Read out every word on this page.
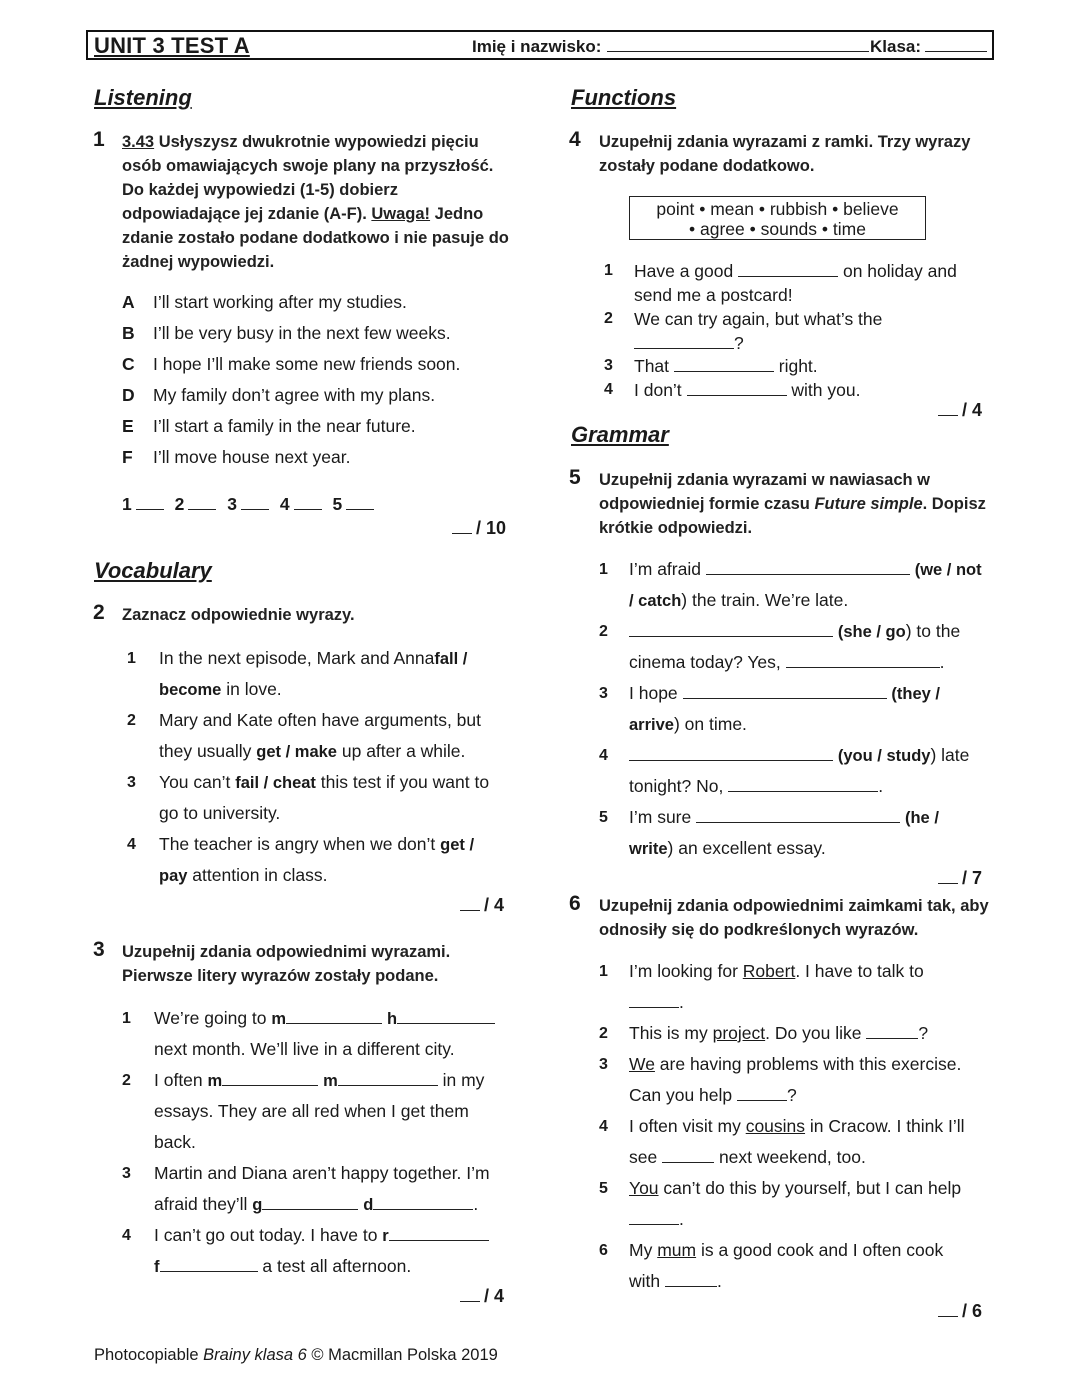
UNIT 3 TEST A	Imię i nazwisko:	Klasa:
Listening
1 3.43 Usłyszysz dwukrotnie wypowiedzi pięciu osób omawiających swoje plany na przyszłość. Do każdej wypowiedzi (1-5) dobierz odpowiadające jej zdanie (A-F). Uwaga! Jedno zdanie zostało podane dodatkowo i nie pasuje do żadnej wypowiedzi.
A I’ll start working after my studies.
B I’ll be very busy in the next few weeks.
C I hope I’ll make some new friends soon.
D My family don’t agree with my plans.
E I’ll start a family in the near future.
F I’ll move house next year.
1 2 3 4 5
/ 10
Vocabulary
2 Zaznacz odpowiednie wyrazy.
1 In the next episode, Mark and Annafall /
become in love.
2 Mary and Kate often have arguments, but
they usually get / make up after a while.
3 You can’t fail / cheat this test if you want to
go to university.
4 The teacher is angry when we don’t get /
pay attention in class.
/ 4
3 Uzupełnij zdania odpowiednimi wyrazami. Pierwsze litery wyrazów zostały podane.
1 We’re going to m	h
next month. We’ll live in a different city.
2 I often m	m	in my
essays. They are all red when I get them
back.
3 Martin and Diana aren’t happy together. I’m
afraid they’ll g	d	.
4 I can’t go out today. I have to r
f	a test all afternoon.
/ 4
Functions
4 Uzupełnij zdania wyrazami z ramki. Trzy wyrazy zostały podane dodatkowo.
point • mean • rubbish • believe
• agree • sounds • time
1 Have a good	on holiday and
send me a postcard!
2 We can try again, but what’s the
?
3 That	right.
4 I don’t	with you.
/ 4
Grammar
5 Uzupełnij zdania wyrazami w nawiasach w odpowiedniej formie czasu Future simple. Dopisz krótkie odpowiedzi.
1 I’m afraid	(we / not
/ catch) the train. We’re late.
2	(she / go) to the
cinema today? Yes,	.
3 I hope	(they /
arrive) on time.
4	(you / study) late
tonight? No,	.
5 I’m sure	(he /
write) an excellent essay.
/ 7
6 Uzupełnij zdania odpowiednimi zaimkami tak, aby odnosiły się do podkreślonych wyrazów.
1 I’m looking for Robert. I have to talk to
.
2 This is my project. Do you like	?
3 We are having problems with this exercise.
Can you help	?
4 I often visit my cousins in Cracow. I think I’ll
see	next weekend, too.
5 You can’t do this by yourself, but I can help
.
6 My mum is a good cook and I often cook
with	.
/ 6
Photocopiable Brainy klasa 6 © Macmillan Polska 2019
